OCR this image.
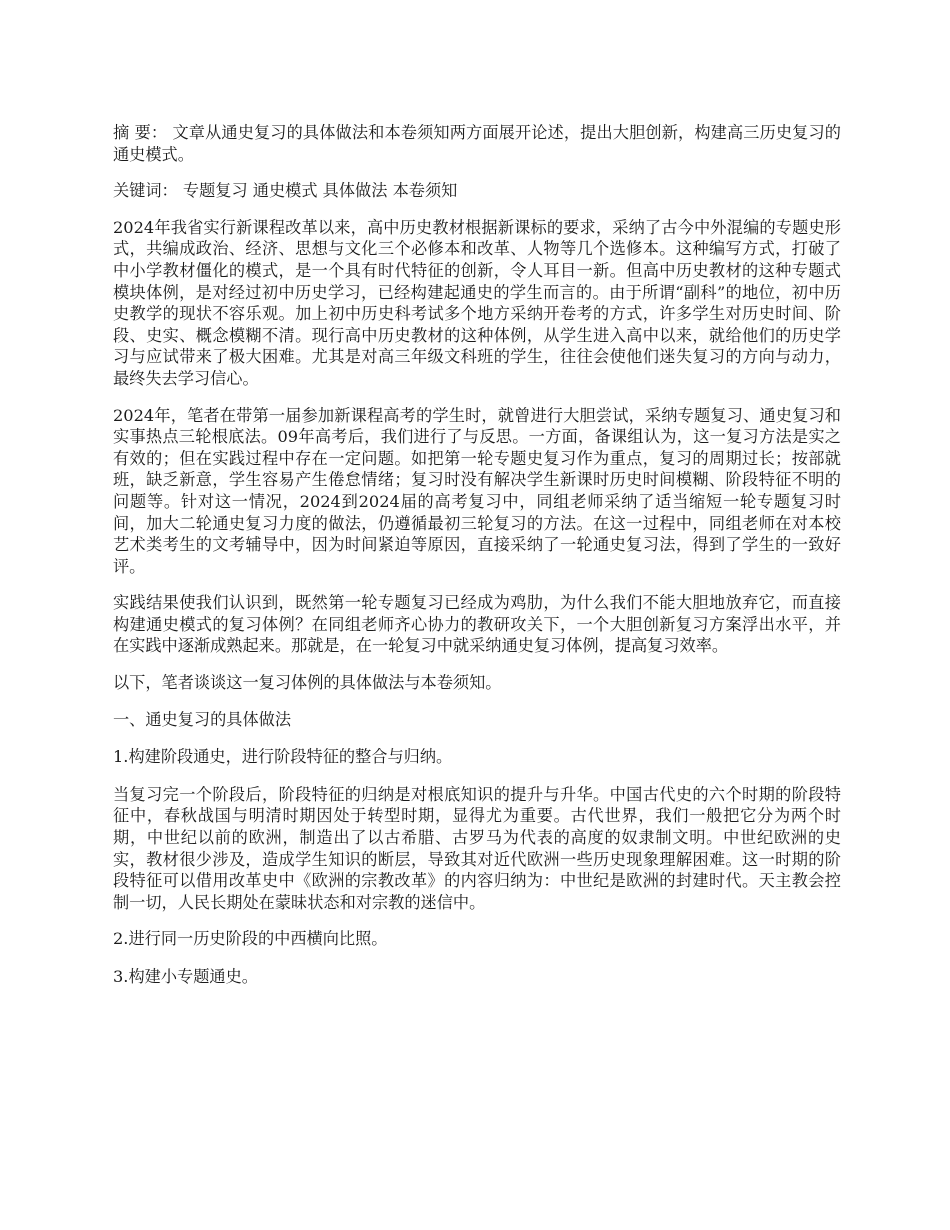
摘 要： 文章从通史复习的具体做法和本卷须知两方面展开论述，提出大胆创新，构建高三历史复习的通史模式。

关键词： 专题复习 通史模式 具体做法 本卷须知

2024年我省实行新课程改革以来，高中历史教材根据新课标的要求，采纳了古今中外混编的专题史形式，共编成政治、经济、思想与文化三个必修本和改革、人物等几个选修本。这种编写方式，打破了中小学教材僵化的模式，是一个具有时代特征的创新，令人耳目一新。但高中历史教材的这种专题式模块体例，是对经过初中历史学习，已经构建起通史的学生而言的。由于所谓“副科”的地位，初中历史教学的现状不容乐观。加上初中历史科考试多个地方采纳开卷考的方式，许多学生对历史时间、阶段、史实、概念模糊不清。现行高中历史教材的这种体例，从学生进入高中以来，就给他们的历史学习与应试带来了极大困难。尤其是对高三年级文科班的学生，往往会使他们迷失复习的方向与动力，最终失去学习信心。

2024年，笔者在带第一届参加新课程高考的学生时，就曾进行大胆尝试，采纳专题复习、通史复习和实事热点三轮根底法。09年高考后，我们进行了与反思。一方面，备课组认为，这一复习方法是实之有效的；但在实践过程中存在一定问题。如把第一轮专题史复习作为重点，复习的周期过长；按部就班，缺乏新意，学生容易产生倦怠情绪；复习时没有解决学生新课时历史时间模糊、阶段特征不明的问题等。针对这一情况，2024到2024届的高考复习中，同组老师采纳了适当缩短一轮专题复习时间，加大二轮通史复习力度的做法，仍遵循最初三轮复习的方法。在这一过程中，同组老师在对本校艺术类考生的文考辅导中，因为时间紧迫等原因，直接采纳了一轮通史复习法，得到了学生的一致好评。

实践结果使我们认识到，既然第一轮专题复习已经成为鸡肋，为什么我们不能大胆地放弃它，而直接构建通史模式的复习体例？在同组老师齐心协力的教研攻关下，一个大胆创新复习方案浮出水平，并在实践中逐渐成熟起来。那就是，在一轮复习中就采纳通史复习体例，提高复习效率。

以下，笔者谈谈这一复习体例的具体做法与本卷须知。

一、通史复习的具体做法

1.构建阶段通史，进行阶段特征的整合与归纳。

当复习完一个阶段后，阶段特征的归纳是对根底知识的提升与升华。中国古代史的六个时期的阶段特征中，春秋战国与明清时期因处于转型时期，显得尤为重要。古代世界，我们一般把它分为两个时期，中世纪以前的欧洲，制造出了以古希腊、古罗马为代表的高度的奴隶制文明。中世纪欧洲的史实，教材很少涉及，造成学生知识的断层，导致其对近代欧洲一些历史现象理解困难。这一时期的阶段特征可以借用改革史中《欧洲的宗教改革》的内容归纳为：中世纪是欧洲的封建时代。天主教会控制一切，人民长期处在蒙昧状态和对宗教的迷信中。

2.进行同一历史阶段的中西横向比照。

3.构建小专题通史。
